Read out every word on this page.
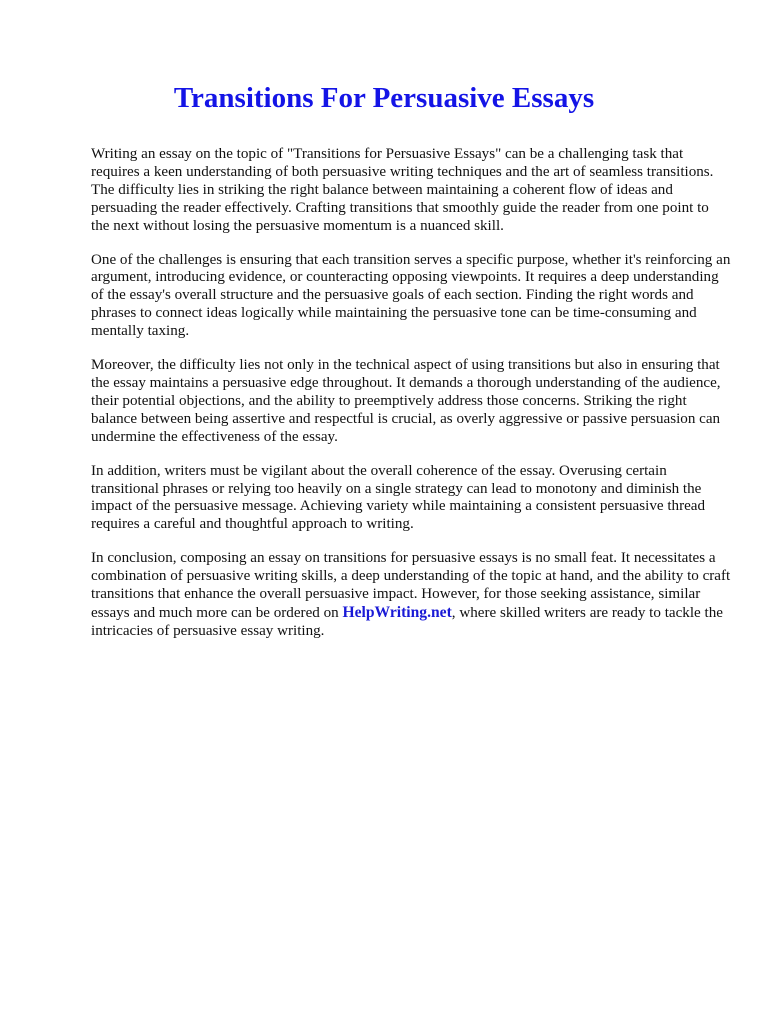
Transitions For Persuasive Essays

Writing an essay on the topic of "Transitions for Persuasive Essays" can be a challenging task that requires a keen understanding of both persuasive writing techniques and the art of seamless transitions. The difficulty lies in striking the right balance between maintaining a coherent flow of ideas and persuading the reader effectively. Crafting transitions that smoothly guide the reader from one point to the next without losing the persuasive momentum is a nuanced skill.

One of the challenges is ensuring that each transition serves a specific purpose, whether it's reinforcing an argument, introducing evidence, or counteracting opposing viewpoints. It requires a deep understanding of the essay's overall structure and the persuasive goals of each section. Finding the right words and phrases to connect ideas logically while maintaining the persuasive tone can be time-consuming and mentally taxing.

Moreover, the difficulty lies not only in the technical aspect of using transitions but also in ensuring that the essay maintains a persuasive edge throughout. It demands a thorough understanding of the audience, their potential objections, and the ability to preemptively address those concerns. Striking the right balance between being assertive and respectful is crucial, as overly aggressive or passive persuasion can undermine the effectiveness of the essay.

In addition, writers must be vigilant about the overall coherence of the essay. Overusing certain transitional phrases or relying too heavily on a single strategy can lead to monotony and diminish the impact of the persuasive message. Achieving variety while maintaining a consistent persuasive thread requires a careful and thoughtful approach to writing.

In conclusion, composing an essay on transitions for persuasive essays is no small feat. It necessitates a combination of persuasive writing skills, a deep understanding of the topic at hand, and the ability to craft transitions that enhance the overall persuasive impact. However, for those seeking assistance, similar essays and much more can be ordered on HelpWriting.net, where skilled writers are ready to tackle the intricacies of persuasive essay writing.
